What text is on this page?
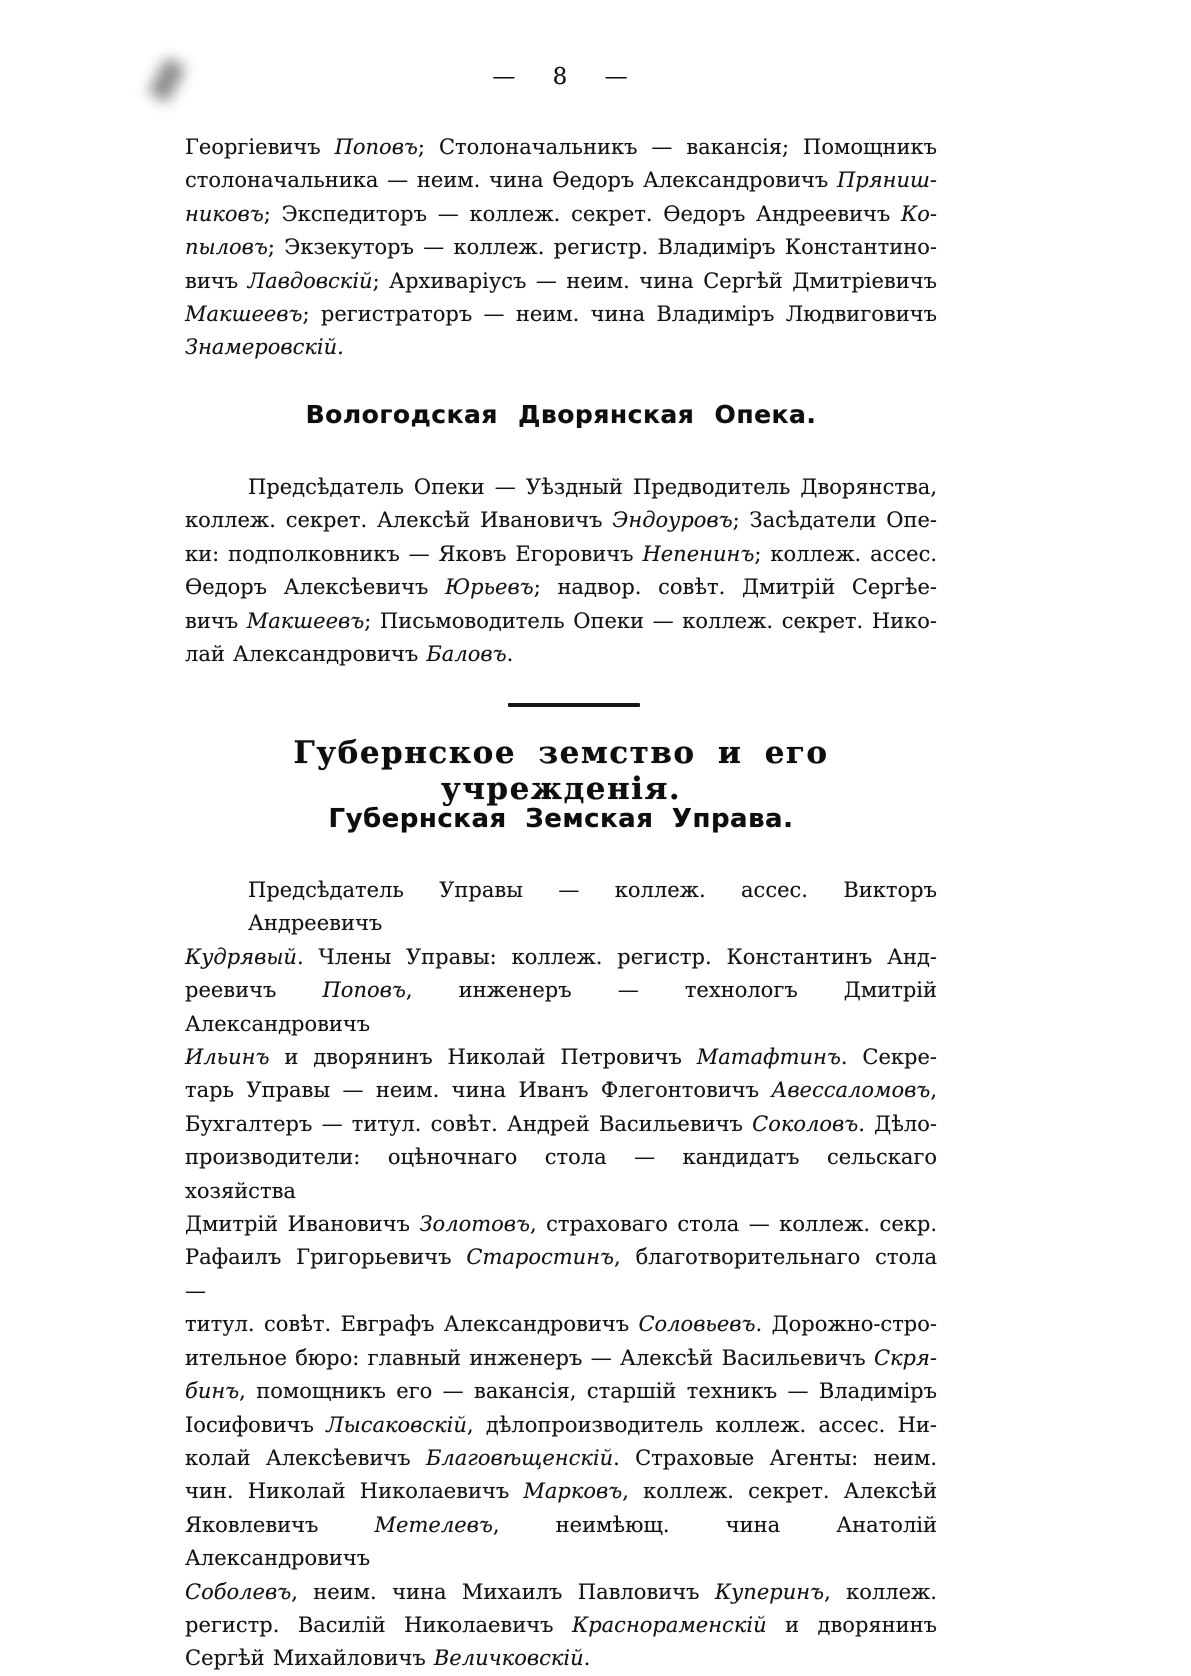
— 8 —
Георгіевичъ Поповъ; Столоначальникъ — вакансія; Помощникъ
столоначальника — неим. чина Ѳедоръ Александровичъ Пряниш-
никовъ; Экспедиторъ — коллеж. секрет. Ѳедоръ Андреевичъ Ко-
пыловъ; Экзекуторъ — коллеж. регистр. Владиміръ Константино-
вичъ Лавдовскій; Архиваріусъ — неим. чина Сергѣй Дмитріевичъ
Макшеевъ; регистраторъ — неим. чина Владиміръ Людвиговичъ
Знамеровскій.
Вологодская Дворянская Опека.
Предсѣдатель Опеки — Уѣздный Предводитель Дворянства,
коллеж. секрет. Алексѣй Ивановичъ Эндоуровъ; Засѣдатели Опе-
ки: подполковникъ — Яковъ Егоровичъ Непенинъ; коллеж. ассес.
Ѳедоръ Алексѣевичъ Юрьевъ; надвор. совѣт. Дмитрій Сергѣе-
вичъ Макшеевъ; Письмоводитель Опеки — коллеж. секрет. Нико-
лай Александровичъ Баловъ.
Губернское земство и его учрежденія.
Губернская Земская Управа.
Предсѣдатель Управы — коллеж. ассес. Викторъ Андреевичъ
Кудрявый. Члены Управы: коллеж. регистр. Константинъ Анд-
реевичъ Поповъ, инженеръ — технологъ Дмитрій Александровичъ
Ильинъ и дворянинъ Николай Петровичъ Матафтинъ. Секре-
тарь Управы — неим. чина Иванъ Флегонтовичъ Авессаломовъ,
Бухгалтеръ — титул. совѣт. Андрей Васильевичъ Соколовъ. Дѣло-
производители: оцѣночнаго стола — кандидатъ сельскаго хозяйства
Дмитрій Ивановичъ Золотовъ, страховаго стола — коллеж. секр.
Рафаилъ Григорьевичъ Старостинъ, благотворительнаго стола —
титул. совѣт. Евграфъ Александровичъ Соловьевъ. Дорожно-стро-
ительное бюро: главный инженеръ — Алексѣй Васильевичъ Скря-
бинъ, помощникъ его — вакансія, старшій техникъ — Владиміръ
Іосифовичъ Лысаковскій, дѣлопроизводитель коллеж. ассес. Ни-
колай Алексѣевичъ Благовѣщенскій. Страховые Агенты: неим.
чин. Николай Николаевичъ Марковъ, коллеж. секрет. Алексѣй
Яковлевичъ Метелевъ, неимѣющ. чина Анатолій Александровичъ
Соболевъ, неим. чина Михаилъ Павловичъ Куперинъ, коллеж.
регистр. Василій Николаевичъ Краснораменскій и дворянинъ
Сергѣй Михайловичъ Величковскій.
